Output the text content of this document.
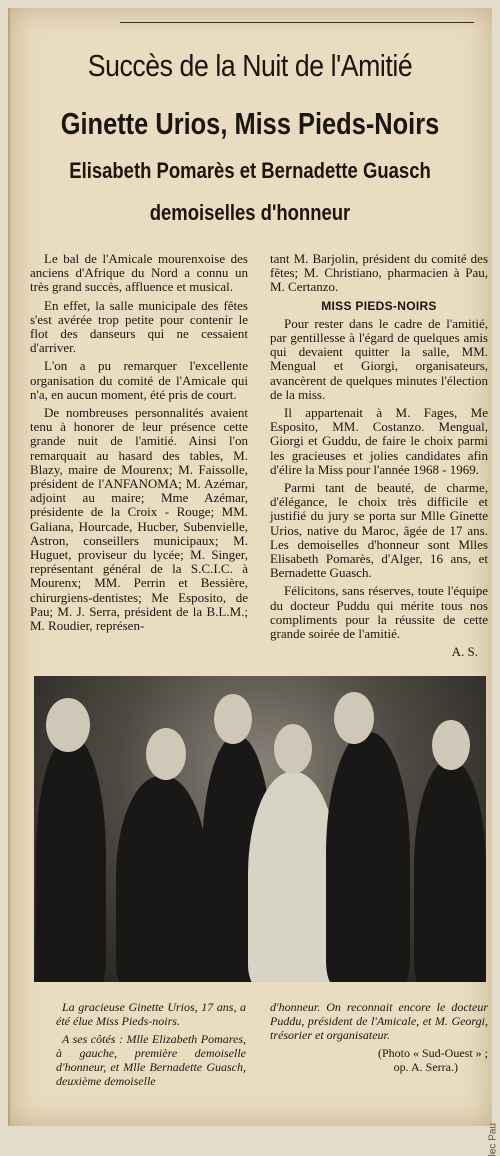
Succès de la Nuit de l'Amitié
Ginette Urios, Miss Pieds-Noirs
Elisabeth Pomarès et Bernadette Guasch
demoiselles d'honneur

Le bal de l'Amicale mourenxoise des anciens d'Afrique du Nord a connu un très grand succès, affluence et musical.

En effet, la salle municipale des fêtes s'est avérée trop petite pour contenir le flot des danseurs qui ne cessaient d'arriver.

L'on a pu remarquer l'excellente organisation du comité de l'Amicale qui n'a, en aucun moment, été pris de court.

De nombreuses personnalités avaient tenu à honorer de leur présence cette grande nuit de l'amitié. Ainsi l'on remarquait au hasard des tables, M. Blazy, maire de Mourenx; M. Faissolle, président de l'ANFANOMA; M. Azémar, adjoint au maire; Mme Azémar, présidente de la Croix - Rouge; MM. Galiana, Hourcade, Hucber, Subenvielle, Astron, conseillers municipaux; M. Huguet, proviseur du lycée; M. Singer, représentant général de la S.C.I.C. à Mourenx; MM. Perrin et Bessière, chirurgiens-dentistes; Me Esposito, de Pau; M. J. Serra, président de la B.L.M.; M. Roudier, représen-

tant M. Barjolin, président du comité des fêtes; M. Christiano, pharmacien à Pau, M. Certanzo.

MISS PIEDS-NOIRS

Pour rester dans le cadre de l'amitié, par gentillesse à l'égard de quelques amis qui devaient quitter la salle, MM. Mengual et Giorgi, organisateurs, avancèrent de quelques minutes l'élection de la miss.

Il appartenait à M. Fages, Me Esposito, MM. Costanzo. Mengual, Giorgi et Guddu, de faire le choix parmi les gracieuses et jolies candidates afin d'élire la Miss pour l'année 1968 - 1969.

Parmi tant de beauté, de charme, d'élégance, le choix très difficile et justifié du jury se porta sur Mlle Ginette Urios, native du Maroc, âgée de 17 ans. Les demoiselles d'honneur sont Mlles Elisabeth Pomarès, d'Alger, 16 ans, et Bernadette Guasch.

Félicitons, sans réserves, toute l'équipe du docteur Puddu qui mérite tous nos compliments pour la réussite de cette grande soirée de l'amitié.

A. S.
La gracieuse Ginette Urios, 17 ans, a été élue Miss Pieds-noirs.
A ses côtés : Mlle Elizabeth Pomares, à gauche, première demoiselle d'honneur, et Mlle Bernadette Guasch, deuxième demoiselle
d'honneur. On reconnait encore le docteur Puddu, président de l'Amicale, et M. Georgi, trésorier et organisateur.
(Photo « Sud-Ouest » ;
op. A. Serra.)
lec Pau
